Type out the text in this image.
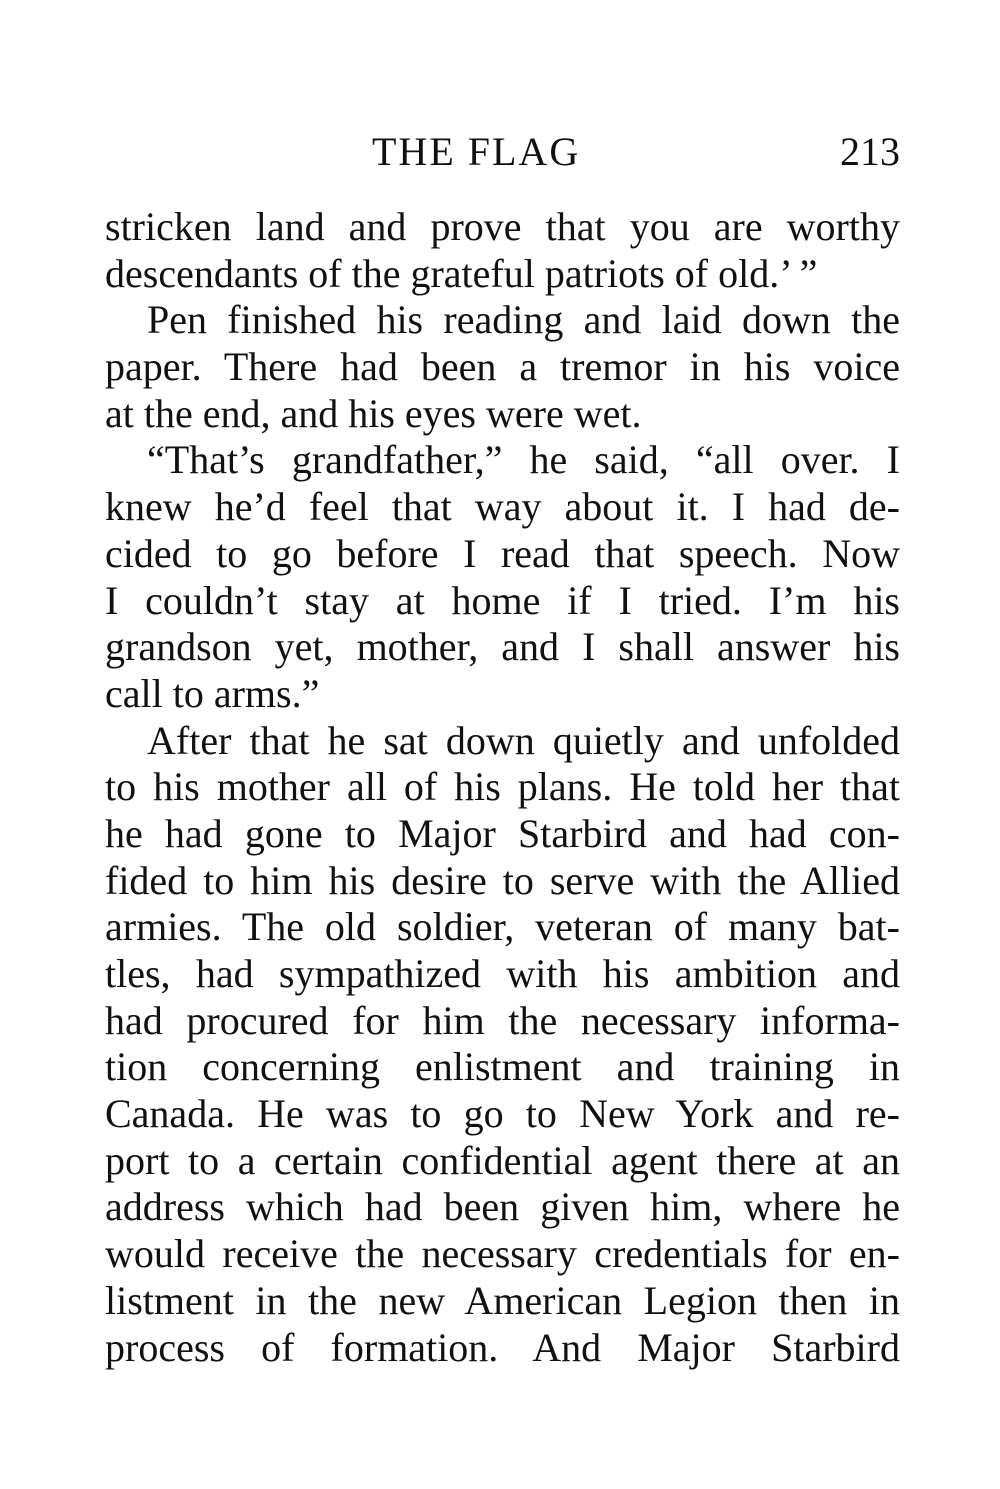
THE FLAG	213
stricken land and prove that you are worthy
descendants of the grateful patriots of old.’ ”
Pen finished his reading and laid down the
paper. There had been a tremor in his voice
at the end, and his eyes were wet.
“That’s grandfather,” he said, “all over. I
knew he’d feel that way about it. I had de-
cided to go before I read that speech. Now
I couldn’t stay at home if I tried. I’m his
grandson yet, mother, and I shall answer his
call to arms.”
After that he sat down quietly and unfolded
to his mother all of his plans. He told her that
he had gone to Major Starbird and had con-
fided to him his desire to serve with the Allied
armies. The old soldier, veteran of many bat-
tles, had sympathized with his ambition and
had procured for him the necessary informa-
tion concerning enlistment and training in
Canada. He was to go to New York and re-
port to a certain confidential agent there at an
address which had been given him, where he
would receive the necessary credentials for en-
listment in the new American Legion then in
process of formation. And Major Starbird
